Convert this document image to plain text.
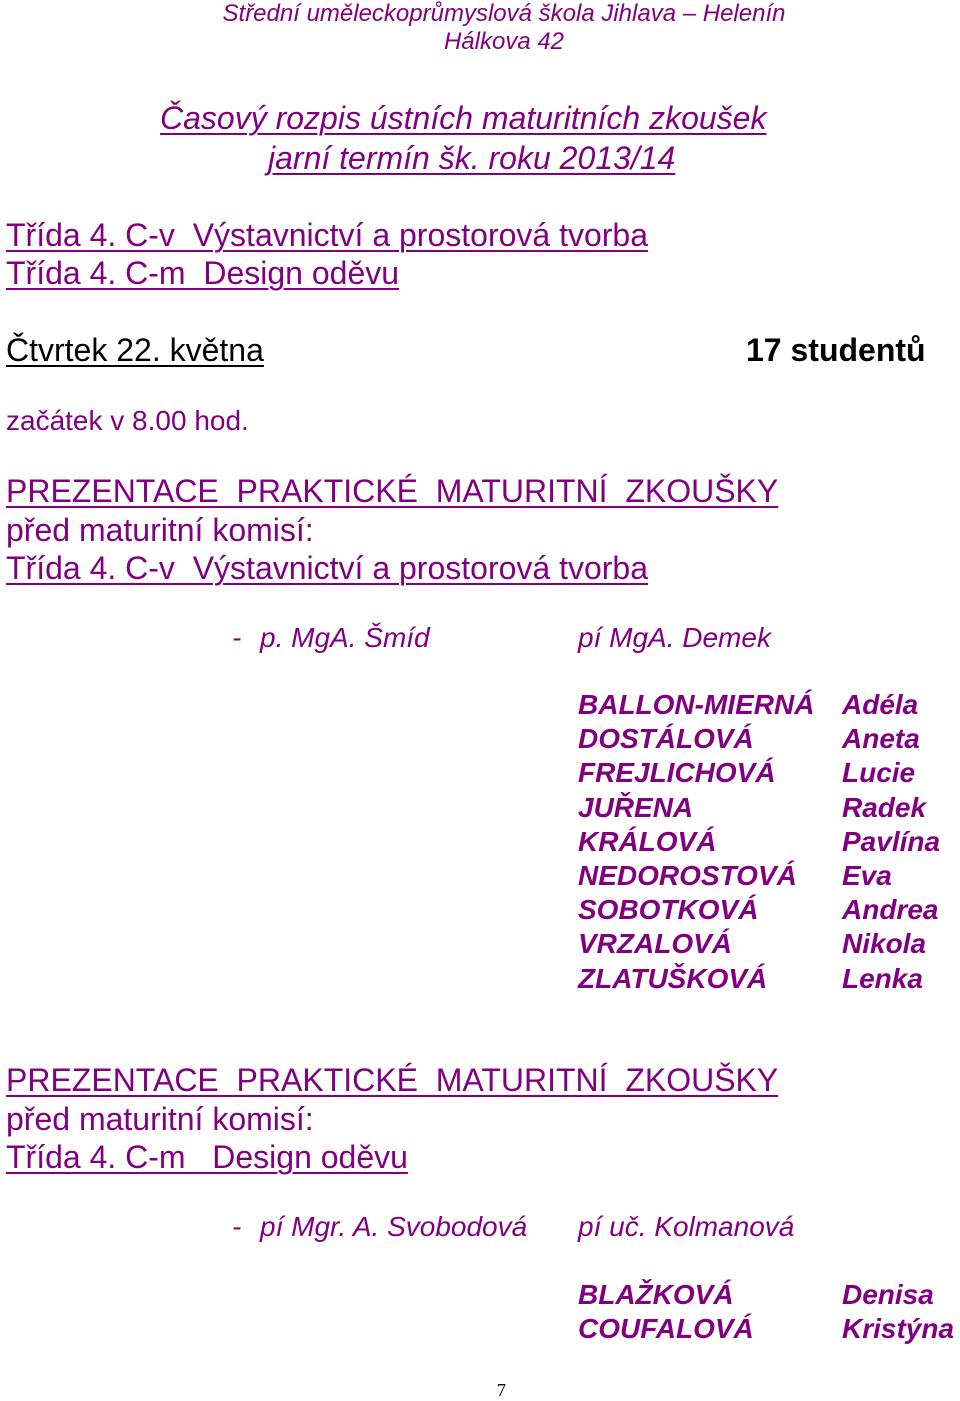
Střední uměleckoprůmyslová škola Jihlava – Helenín
Hálkova 42
Časový rozpis ústních maturitních zkoušek
jarní termín šk. roku 2013/14
Třída 4. C-v  Výstavnictví a prostorová tvorba
Třída 4. C-m  Design oděvu
Čtvrtek 22. května	17 studentů
začátek v 8.00 hod.
PREZENTACE  PRAKTICKÉ  MATURITNÍ  ZKOUŠKY
před maturitní komisí:
Třída 4. C-v  Výstavnictví a prostorová tvorba
- p. MgA. Šmíd	pí MgA. Demek
BALLON-MIERNÁ Adéla
DOSTÁLOVÁ	Aneta
FREJLICHOVÁ Lucie
JUŘENA	Radek
KRÁLOVÁ	Pavlína
NEDOROSTOVÁ Eva
SOBOTKOVÁ	Andrea
VRZALOVÁ	Nikola
ZLATUŠKOVÁ	Lenka
PREZENTACE  PRAKTICKÉ  MATURITNÍ  ZKOUŠKY
před maturitní komisí:
Třída 4. C-m   Design oděvu
- pí Mgr. A. Svobodová pí uč. Kolmanová
BLAŽKOVÁ	Denisa
COUFALOVÁ	Kristýna
7
